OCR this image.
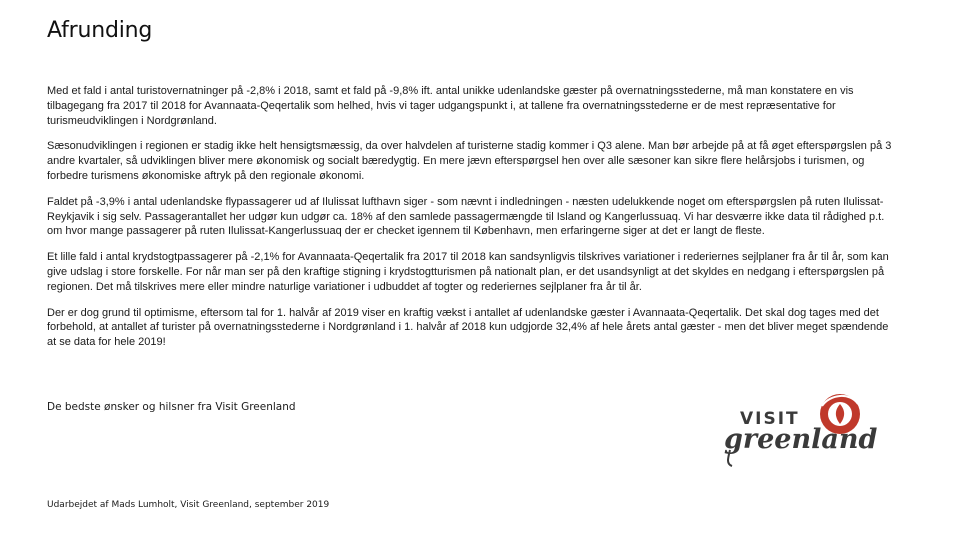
Afrunding

Med et fald i antal turistovernatninger på -2,8% i 2018, samt et fald på -9,8% ift. antal unikke udenlandske gæster på overnatningsstederne, må man konstatere en vis tilbagegang fra 2017 til 2018 for Avannaata-Qeqertalik som helhed, hvis vi tager udgangspunkt i, at tallene fra overnatningsstederne er de mest repræsentative for turismeudviklingen i Nordgrønland.

Sæsonudviklingen i regionen er stadig ikke helt hensigtsmæssig, da over halvdelen af turisterne stadig kommer i Q3 alene. Man bør arbejde på at få øget efterspørgslen på 3 andre kvartaler, så udviklingen bliver mere økonomisk og socialt bæredygtig. En mere jævn efterspørgsel hen over alle sæsoner kan sikre flere helårsjobs i turismen, og forbedre turismens økonomiske aftryk på den regionale økonomi.

Faldet på -3,9% i antal udenlandske flypassagerer ud af Ilulissat lufthavn siger - som nævnt i indledningen - næsten udelukkende noget om efterspørgslen på ruten Ilulissat-Reykjavik i sig selv. Passagerantallet her udgør kun udgør ca. 18% af den samlede passagermængde til Island og Kangerlussuaq. Vi har desværre ikke data til rådighed p.t. om hvor mange passagerer på ruten Ilulissat-Kangerlussuaq der er checket igennem til København, men erfaringerne siger at det er langt de fleste.

Et lille fald i antal krydstogtpassagerer på -2,1% for Avannaata-Qeqertalik fra 2017 til 2018 kan sandsynligvis tilskrives variationer i rederiernes sejlplaner fra år til år, som kan give udslag i store forskelle. For når man ser på den kraftige stigning i krydstogtturismen på nationalt plan, er det usandsynligt at det skyldes en nedgang i efterspørgslen på regionen. Det må tilskrives mere eller mindre naturlige variationer i udbuddet af togter og rederiernes sejlplaner fra år til år.

Der er dog grund til optimisme, eftersom tal for 1. halvår af 2019 viser en kraftig vækst i antallet af udenlandske gæster i Avannaata-Qeqertalik. Det skal dog tages med det forbehold, at antallet af turister på overnatningsstederne i Nordgrønland i 1. halvår af 2018 kun udgjorde 32,4% af hele årets antal gæster - men det bliver meget spændende at se data for hele 2019!

De bedste ønsker og hilsner fra Visit Greenland
VISIT
greenland
Udarbejdet af Mads Lumholt, Visit Greenland, september 2019
